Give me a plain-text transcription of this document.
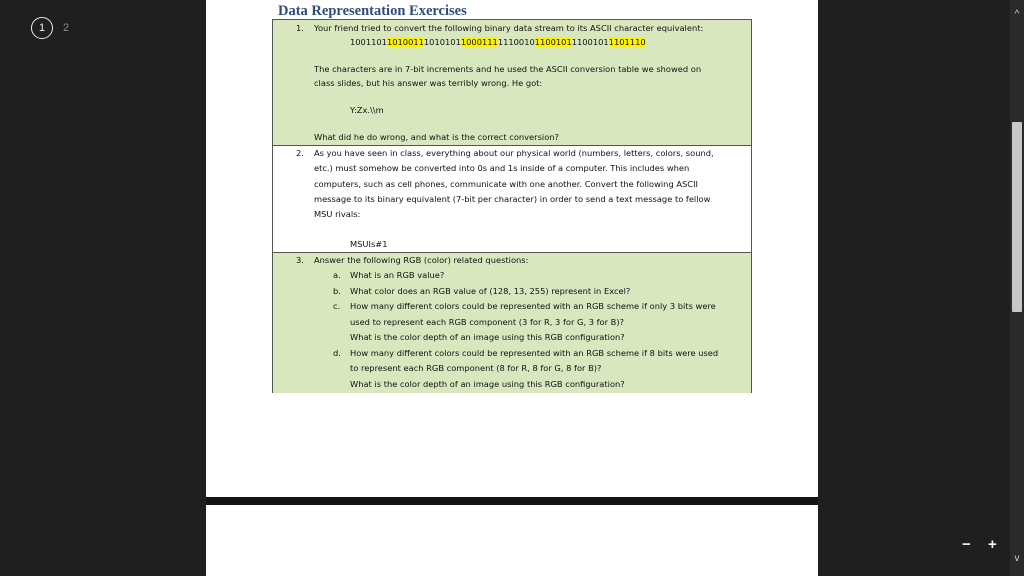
1 2
Data Representation Exercises
1. Your friend tried to convert the following binary data stream to its ASCII character equivalent:
10011011010011101010110001111110010110010111001011101110
The characters are in 7-bit increments and he used the ASCII conversion table we showed on
class slides, but his answer was terribly wrong. He got:
Y:Zx.\\m
What did he do wrong, and what is the correct conversion?
2. As you have seen in class, everything about our physical world (numbers, letters, colors, sound,
etc.) must somehow be converted into 0s and 1s inside of a computer. This includes when
computers, such as cell phones, communicate with one another. Convert the following ASCII
message to its binary equivalent (7-bit per character) in order to send a text message to fellow
MSU rivals:
MSUIs#1
3. Answer the following RGB (color) related questions:
a. What is an RGB value?
b. What color does an RGB value of (128, 13, 255) represent in Excel?
c. How many different colors could be represented with an RGB scheme if only 3 bits were
used to represent each RGB component (3 for R, 3 for G, 3 for B)?
What is the color depth of an image using this RGB configuration?
d. How many different colors could be represented with an RGB scheme if 8 bits were used
to represent each RGB component (8 for R, 8 for G, 8 for B)?
What is the color depth of an image using this RGB configuration?
^
v
− +
